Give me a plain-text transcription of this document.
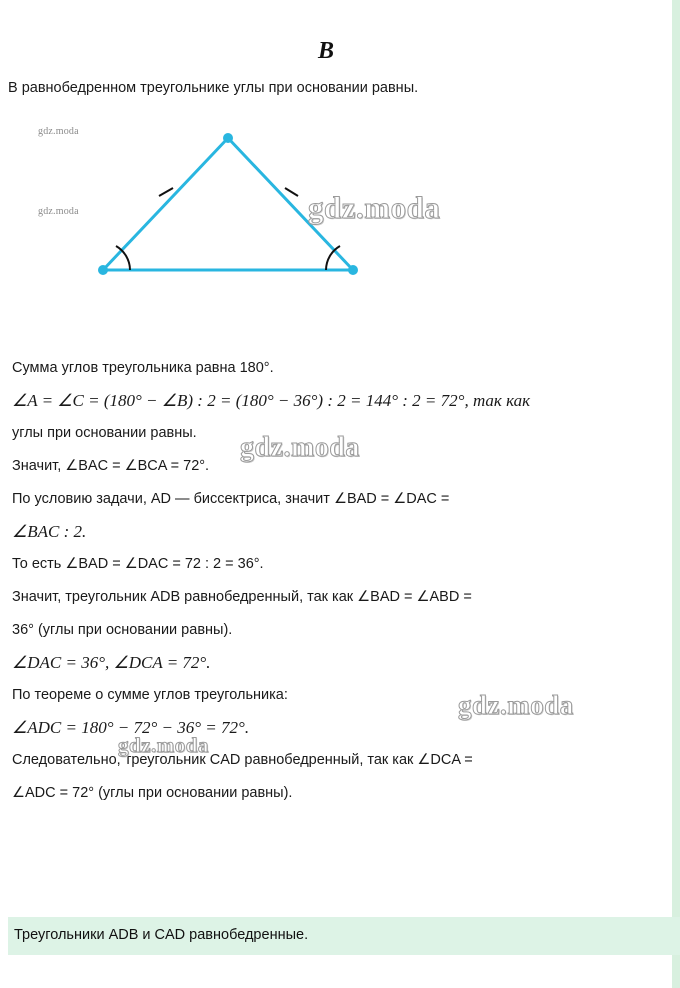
B
В равнобедренном треугольнике углы при основании равны.
gdz.moda
gdz.moda	gdz.moda
Сумма углов треугольника равна 180°.
∠A = ∠C = (180° − ∠B) : 2 = (180° − 36°) : 2 = 144° : 2 = 72°, так как
углы при основании равны.
Значит, ∠BAC = ∠BCA = 72°.
По условию задачи, AD — биссектриса, значит ∠BAD = ∠DAC =
∠BAC : 2.
То есть ∠BAD = ∠DAC = 72 : 2 = 36°.
Значит, треугольник ADB равнобедренный, так как ∠BAD = ∠ABD =
36° (углы при основании равны).
∠DAC = 36°, ∠DCA = 72°.
По теореме о сумме углов треугольника:
∠ADC = 180° − 72° − 36° = 72°.
Следовательно, треугольник CAD равнобедренный, так как ∠DCA =
∠ADC = 72° (углы при основании равны).
gdz.moda
gdz.moda
gdz.moda
Треугольники ADB и CAD равнобедренные.
